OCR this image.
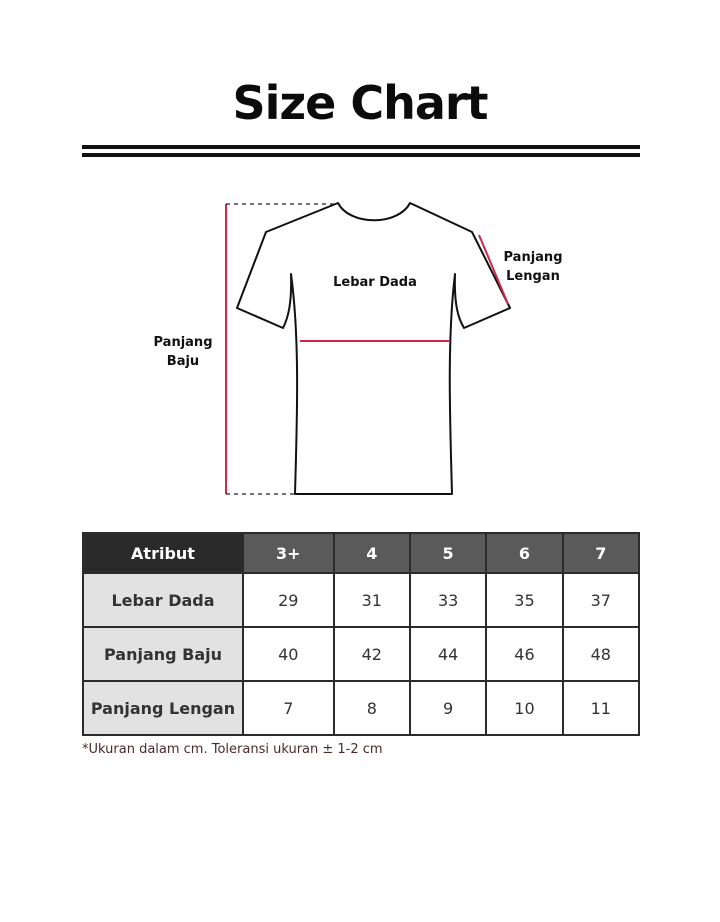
Size Chart
Lebar Dada
Panjang
Baju
Panjang
Lengan
Atribut	3+	4	5	6	7
Lebar Dada	29	31	33	35	37
Panjang Baju	40	42	44	46	48
Panjang Lengan	7	8	9	10	11
*Ukuran dalam cm. Toleransi ukuran ± 1-2 cm
